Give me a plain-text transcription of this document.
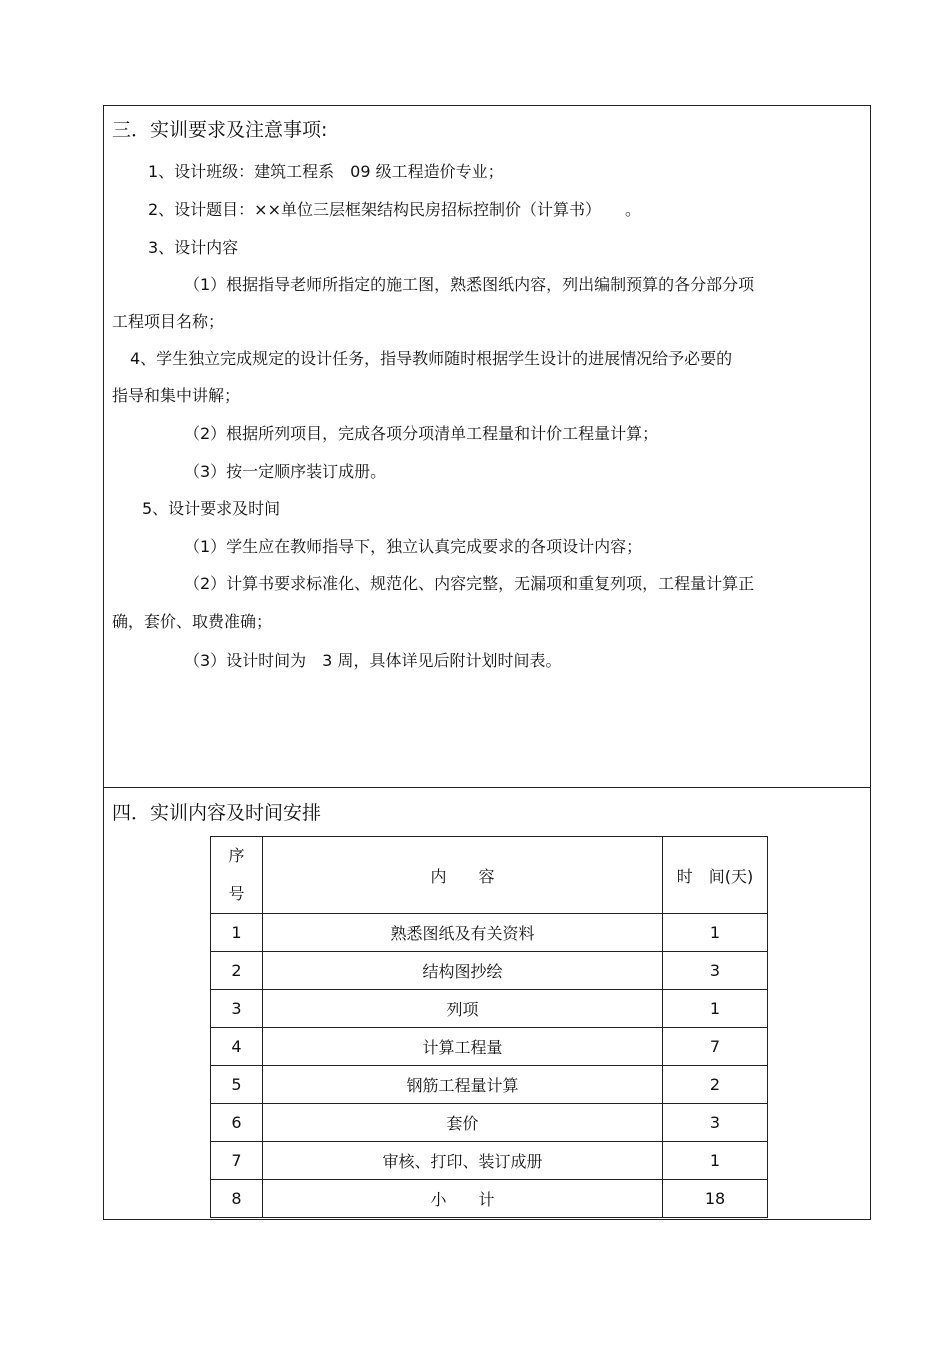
三．实训要求及注意事项:
1、设计班级：建筑工程系　09 级工程造价专业；
2、设计题目：××单位三层框架结构民房招标控制价（计算书）　　。
3、设计内容
（1）根据指导老师所指定的施工图，熟悉图纸内容，列出编制预算的各分部分项
工程项目名称；
4、学生独立完成规定的设计任务，指导教师随时根据学生设计的进展情况给予必要的
指导和集中讲解；
（2）根据所列项目，完成各项分项清单工程量和计价工程量计算；
（3）按一定顺序装订成册。
5、设计要求及时间
（1）学生应在教师指导下，独立认真完成要求的各项设计内容；
（2）计算书要求标准化、规范化、内容完整，无漏项和重复列项，工程量计算正
确，套价、取费准确；
（3）设计时间为　3 周，具体详见后附计划时间表。
四．实训内容及时间安排
序
号	内　　容	时　间(天)
1	熟悉图纸及有关资料	1
2	结构图抄绘	3
3	列项	1
4	计算工程量	7
5	钢筋工程量计算	2
6	套价	3
7	审核、打印、装订成册	1
8	小　　计	18
